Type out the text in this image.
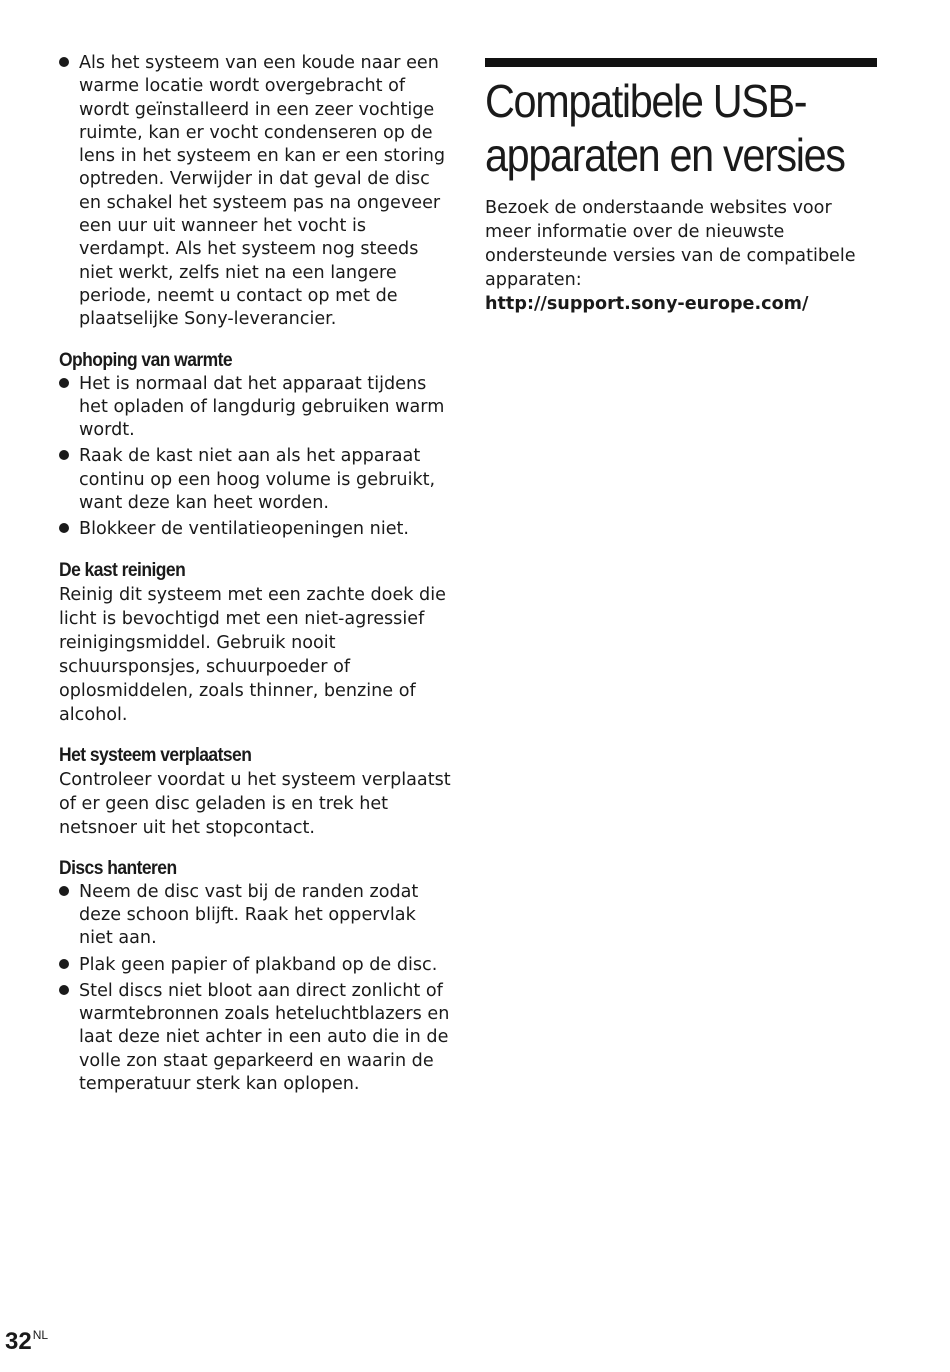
Als het systeem van een koude naar een warme locatie wordt overgebracht of wordt geïnstalleerd in een zeer vochtige ruimte, kan er vocht condenseren op de lens in het systeem en kan er een storing optreden. Verwijder in dat geval de disc en schakel het systeem pas na ongeveer een uur uit wanneer het vocht is verdampt. Als het systeem nog steeds niet werkt, zelfs niet na een langere periode, neemt u contact op met de plaatselijke Sony-leverancier.
Ophoping van warmte
Het is normaal dat het apparaat tijdens het opladen of langdurig gebruiken warm wordt.
Raak de kast niet aan als het apparaat continu op een hoog volume is gebruikt, want deze kan heet worden.
Blokkeer de ventilatieopeningen niet.
De kast reinigen

Reinig dit systeem met een zachte doek die licht is bevochtigd met een niet-agressief reinigingsmiddel. Gebruik nooit schuursponsjes, schuurpoeder of oplosmiddelen, zoals thinner, benzine of alcohol.

Het systeem verplaatsen

Controleer voordat u het systeem verplaatst of er geen disc geladen is en trek het netsnoer uit het stopcontact.

Discs hanteren
Neem de disc vast bij de randen zodat deze schoon blijft. Raak het oppervlak niet aan.
Plak geen papier of plakband op de disc.
Stel discs niet bloot aan direct zonlicht of warmtebronnen zoals heteluchtblazers en laat deze niet achter in een auto die in de volle zon staat geparkeerd en waarin de temperatuur sterk kan oplopen.
Compatibele USB-
apparaten en versies

Bezoek de onderstaande websites voor meer informatie over de nieuwste ondersteunde versies van de compatibele apparaten:

http://support.sony-europe.com/

$32^{NL}$
